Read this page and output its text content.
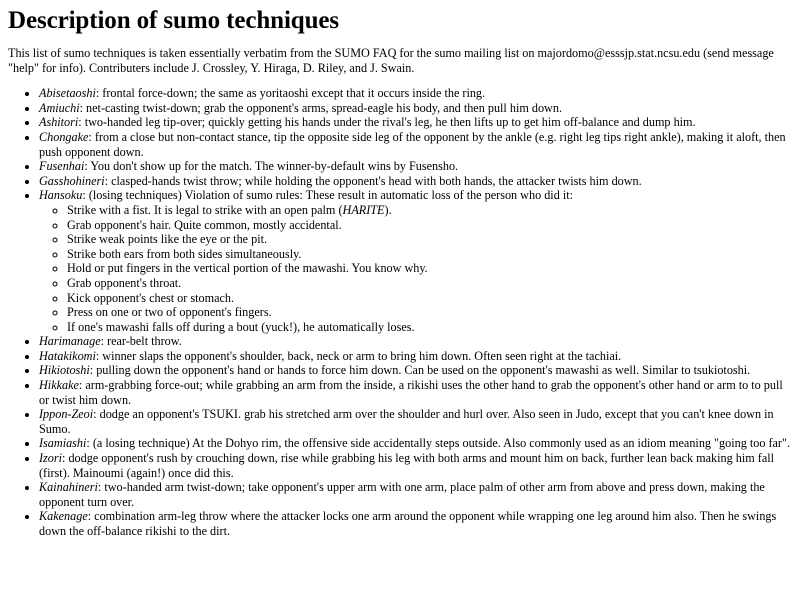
Description of sumo techniques

This list of sumo techniques is taken essentially verbatim from the SUMO FAQ for the sumo mailing list on majordomo@esssjp.stat.ncsu.edu (send message "help" for info). Contributers include J. Crossley, Y. Hiraga, D. Riley, and J. Swain.

• Abisetaoshi: frontal force-down; the same as yoritaoshi except that it occurs inside the ring.
• Amiuchi: net-casting twist-down; grab the opponent's arms, spread-eagle his body, and then pull him down.
• Ashitori: two-handed leg tip-over; quickly getting his hands under the rival's leg, he then lifts up to get him off-balance and dump him.
• Chongake: from a close but non-contact stance, tip the opposite side leg of the opponent by the ankle (e.g. right leg tips right ankle), making it aloft, then push opponent down.
• Fusenhai: You don't show up for the match. The winner-by-default wins by Fusensho.
• Gasshohineri: clasped-hands twist throw; while holding the opponent's head with both hands, the attacker twists him down.
• Hansoku: (losing techniques) Violation of sumo rules: These result in automatic loss of the person who did it:
◦ Strike with a fist. It is legal to strike with an open palm (HARITE).
◦ Grab opponent's hair. Quite common, mostly accidental.
◦ Strike weak points like the eye or the pit.
◦ Strike both ears from both sides simultaneously.
◦ Hold or put fingers in the vertical portion of the mawashi. You know why.
◦ Grab opponent's throat.
◦ Kick opponent's chest or stomach.
◦ Press on one or two of opponent's fingers.
◦ If one's mawashi falls off during a bout (yuck!), he automatically loses.
• Harimanage: rear-belt throw.
• Hatakikomi: winner slaps the opponent's shoulder, back, neck or arm to bring him down. Often seen right at the tachiai.
• Hikiotoshi: pulling down the opponent's hand or hands to force him down. Can be used on the opponent's mawashi as well. Similar to tsukiotoshi.
• Hikkake: arm-grabbing force-out; while grabbing an arm from the inside, a rikishi uses the other hand to grab the opponent's other hand or arm to to pull or twist him down.
• Ippon-Zeoi: dodge an opponent's TSUKI. grab his stretched arm over the shoulder and hurl over. Also seen in Judo, except that you can't knee down in Sumo.
• Isamiashi: (a losing technique) At the Dohyo rim, the offensive side accidentally steps outside. Also commonly used as an idiom meaning "going too far".
• Izori: dodge opponent's rush by crouching down, rise while grabbing his leg with both arms and mount him on back, further lean back making him fall (first). Mainoumi (again!) once did this.
• Kainahineri: two-handed arm twist-down; take opponent's upper arm with one arm, place palm of other arm from above and press down, making the opponent turn over.
• Kakenage: combination arm-leg throw where the attacker locks one arm around the opponent while wrapping one leg around him also. Then he swings down the off-balance rikishi to the dirt.
